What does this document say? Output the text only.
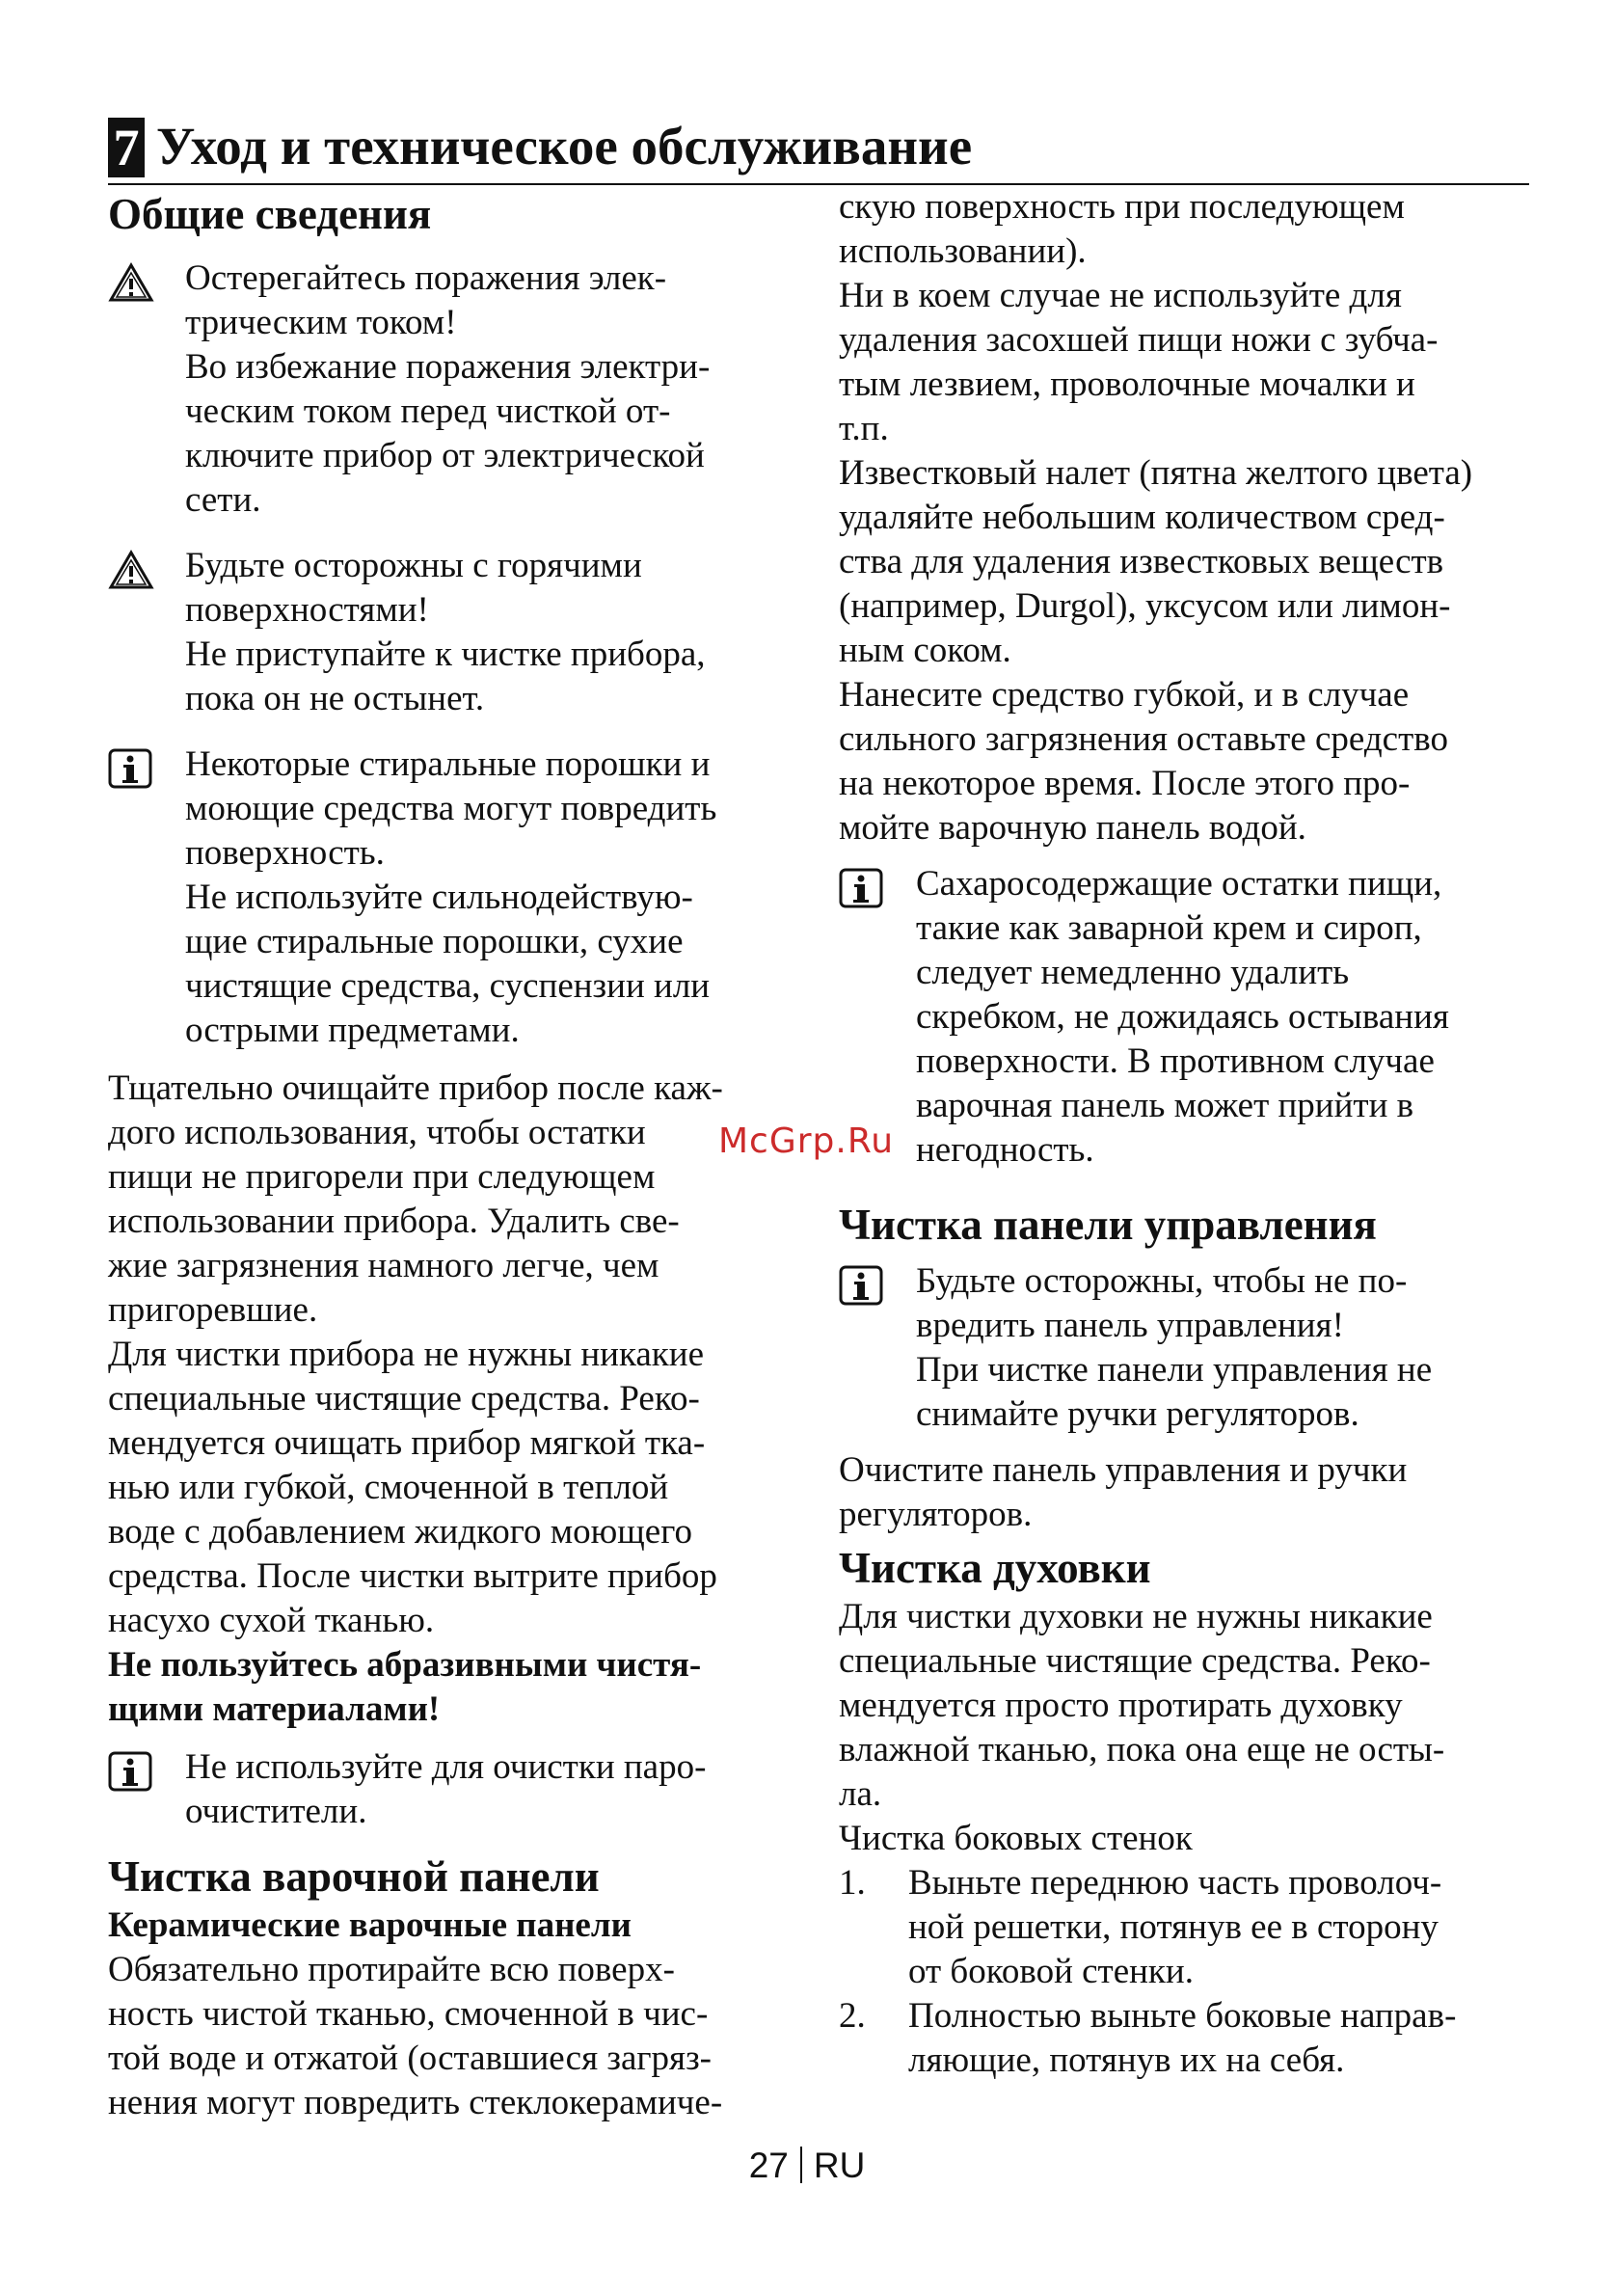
7 Уход и техническое обслуживание
Общие сведения

Остерегайтесь поражения элек-
трическим током!
Во избежание поражения электри-
ческим током перед чисткой от-
ключите прибор от электрической
сети.

Будьте осторожны с горячими
поверхностями!
Не приступайте к чистке прибора,
пока он не остынет.

Некоторые стиральные порошки и
моющие средства могут повредить
поверхность.
Не используйте сильнодействую-
щие стиральные порошки, сухие
чистящие средства, суспензии или
острыми предметами.

Тщательно очищайте прибор после каж-
дого использования, чтобы остатки
пищи не пригорели при следующем
использовании прибора. Удалить све-
жие загрязнения намного легче, чем
пригоревшие.
Для чистки прибора не нужны никакие
специальные чистящие средства. Реко-
мендуется очищать прибор мягкой тка-
нью или губкой, смоченной в теплой
воде с добавлением жидкого моющего
средства. После чистки вытрите прибор
насухо сухой тканью.

Не пользуйтесь абразивными чистя-
щими материалами!

Не используйте для очистки паро-
очистители.

Чистка варочной панели
Керамические варочные панели

Обязательно протирайте всю поверх-
ность чистой тканью, смоченной в чис-
той воде и отжатой (оставшиеся загряз-
нения могут повредить стеклокерамиче-

скую поверхность при последующем
использовании).
Ни в коем случае не используйте для
удаления засохшей пищи ножи с зубча-
тым лезвием, проволочные мочалки и
т.п.
Известковый налет (пятна желтого цвета)
удаляйте небольшим количеством сред-
ства для удаления известковых веществ
(например, Durgol), уксусом или лимон-
ным соком.
Нанесите средство губкой, и в случае
сильного загрязнения оставьте средство
на некоторое время. После этого про-
мойте варочную панель водой.

Сахаросодержащие остатки пищи,
такие как заварной крем и сироп,
следует немедленно удалить
скребком, не дожидаясь остывания
поверхности. В противном случае
варочная панель может прийти в
негодность.

Чистка панели управления

Будьте осторожны, чтобы не по-
вредить панель управления!
При чистке панели управления не
снимайте ручки регуляторов.

Очистите панель управления и ручки
регуляторов.

Чистка духовки

Для чистки духовки не нужны никакие
специальные чистящие средства. Реко-
мендуется просто протирать духовку
влажной тканью, пока она еще не осты-
ла.
Чистка боковых стенок

1.	Выньте переднюю часть проволоч-
ной решетки, потянув ее в сторону
от боковой стенки.

2.	Полностью выньте боковые направ-
ляющие, потянув их на себя.

McGrp.Ru
27 RU
